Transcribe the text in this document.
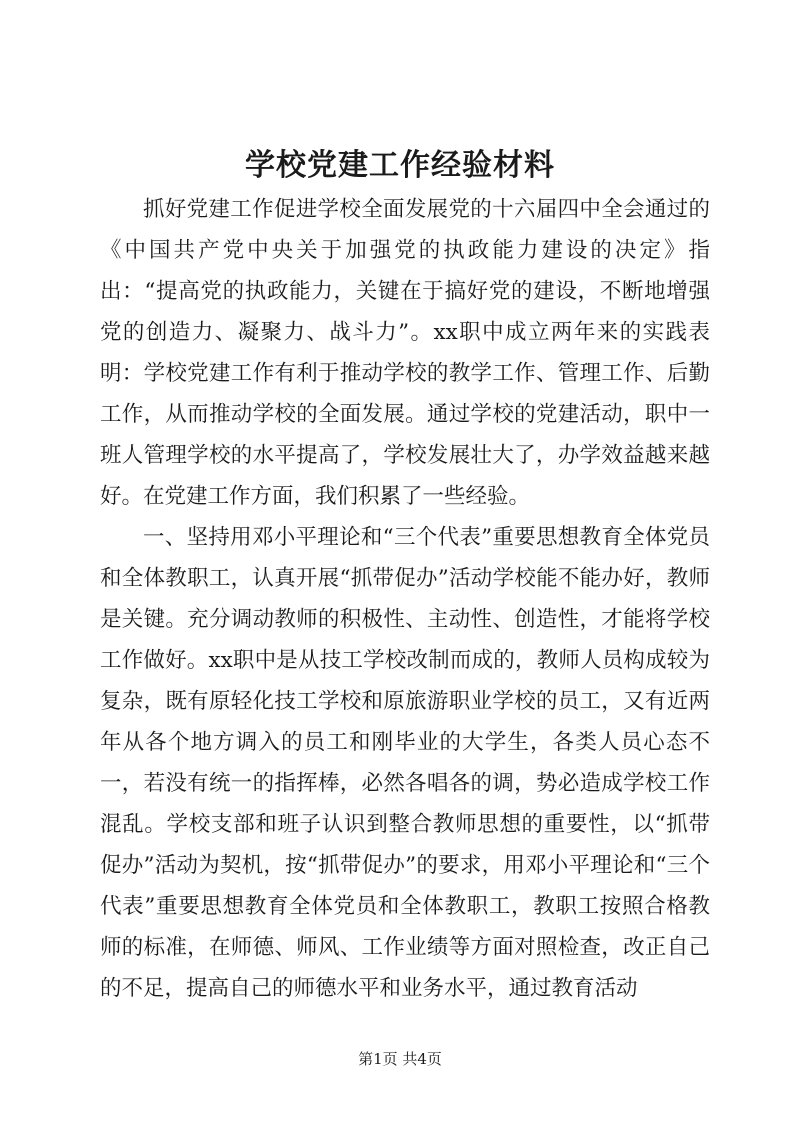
学校党建工作经验材料

抓好党建工作促进学校全面发展党的十六届四中全会通过的《中国共产党中央关于加强党的执政能力建设的决定》指出：“提高党的执政能力，关键在于搞好党的建设，不断地增强党的创造力、凝聚力、战斗力”。xx职中成立两年来的实践表明：学校党建工作有利于推动学校的教学工作、管理工作、后勤工作，从而推动学校的全面发展。通过学校的党建活动，职中一班人管理学校的水平提高了，学校发展壮大了，办学效益越来越好。在党建工作方面，我们积累了一些经验。

一、坚持用邓小平理论和“三个代表”重要思想教育全体党员和全体教职工，认真开展“抓带促办”活动学校能不能办好，教师是关键。充分调动教师的积极性、主动性、创造性，才能将学校工作做好。xx职中是从技工学校改制而成的，教师人员构成较为复杂，既有原轻化技工学校和原旅游职业学校的员工，又有近两年从各个地方调入的员工和刚毕业的大学生，各类人员心态不一，若没有统一的指挥棒，必然各唱各的调，势必造成学校工作混乱。学校支部和班子认识到整合教师思想的重要性，以“抓带促办”活动为契机，按“抓带促办”的要求，用邓小平理论和“三个代表”重要思想教育全体党员和全体教职工，教职工按照合格教师的标准，在师德、师风、工作业绩等方面对照检查，改正自己的不足，提高自己的师德水平和业务水平，通过教育活动

第1页 共4页
